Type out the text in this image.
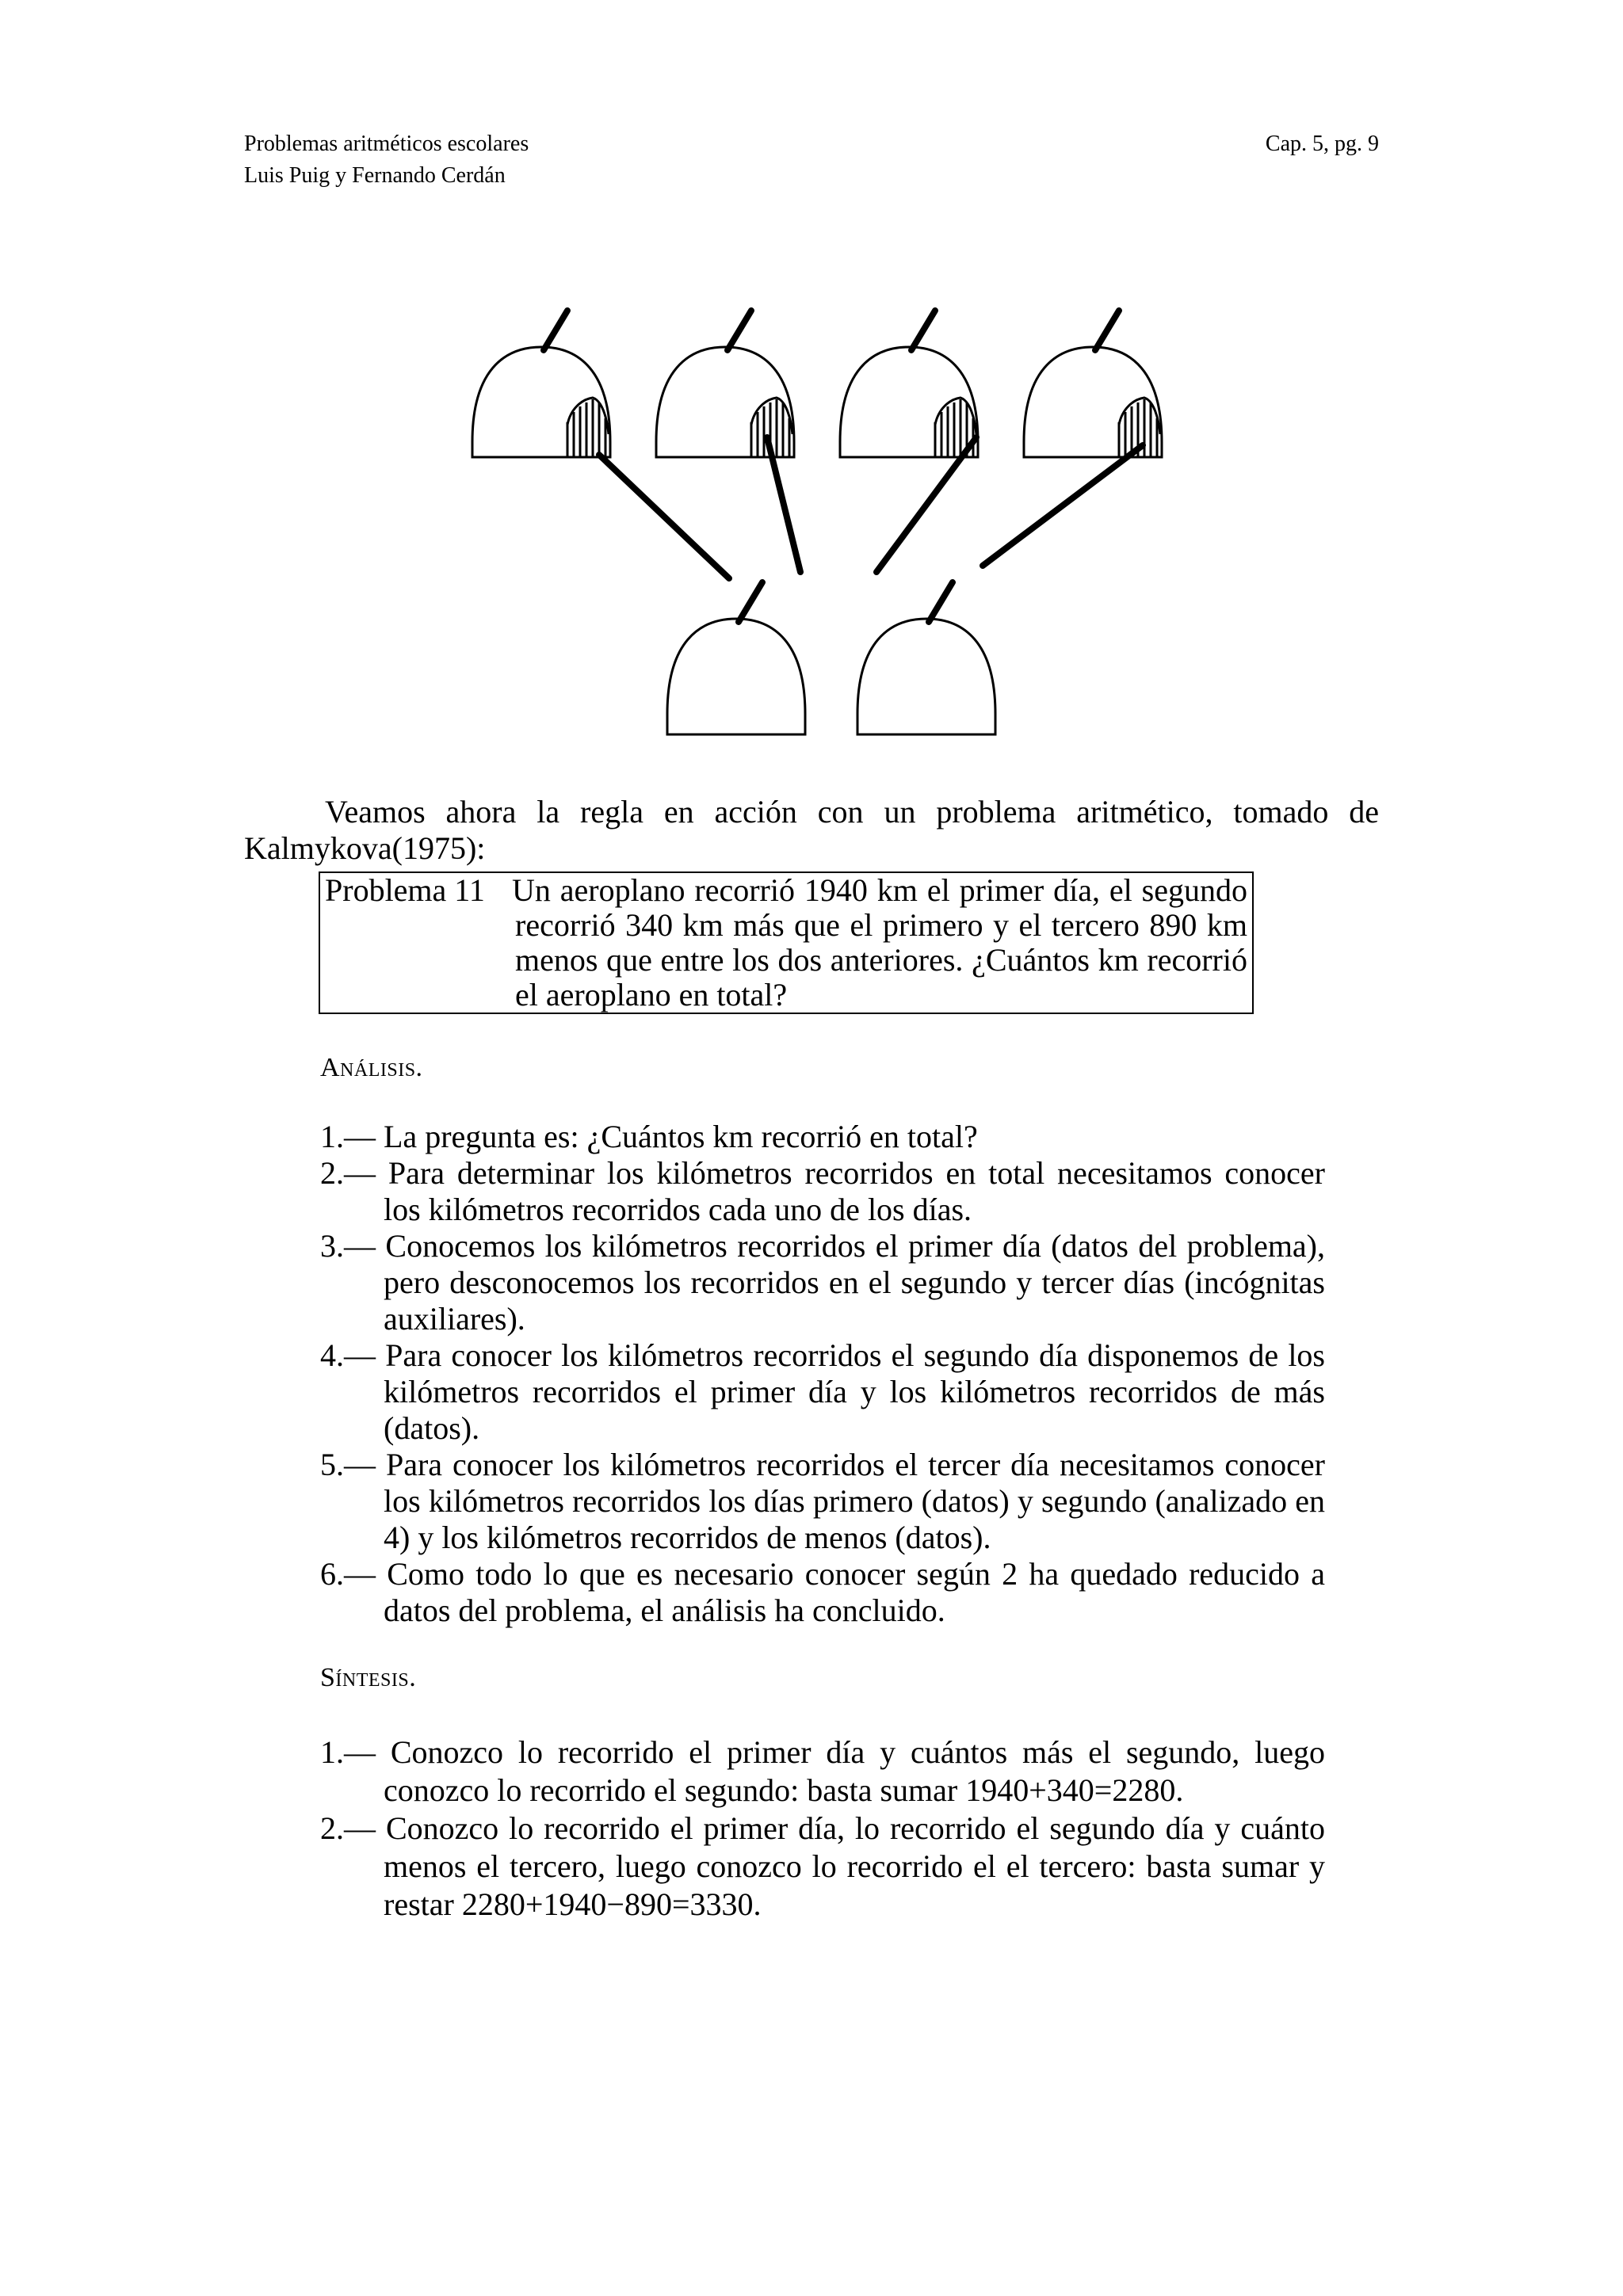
Problemas aritméticos escolares
Luis Puig y Fernando Cerdán
Cap. 5, pg. 9

Veamos ahora la regla en acción con un problema aritmético, tomado de Kalmykova(1975):

Problema 11 Un aeroplano recorrió 1940 km el primer día, el segundo recorrió 340 km más que el primero y el tercero 890 km menos que entre los dos anteriores. ¿Cuántos km recorrió el aeroplano en total?
Análisis.
1.— La pregunta es: ¿Cuántos km recorrió en total?
2.— Para determinar los kilómetros recorridos en total necesitamos conocer los kilómetros recorridos cada uno de los días.
3.— Conocemos los kilómetros recorridos el primer día (datos del problema), pero desconocemos los recorridos en el segundo y tercer días (incógnitas auxiliares).
4.— Para conocer los kilómetros recorridos el segundo día disponemos de los kilómetros recorridos el primer día y los kilómetros recorridos de más (datos).
5.— Para conocer los kilómetros recorridos el tercer día necesitamos conocer los kilómetros recorridos los días primero (datos) y segundo (analizado en 4) y los kilómetros recorridos de menos (datos).
6.— Como todo lo que es necesario conocer según 2 ha quedado reducido a datos del problema, el análisis ha concluido.
Síntesis.
1.— Conozco lo recorrido el primer día y cuántos más el segundo, luego conozco lo recorrido el segundo: basta sumar 1940+340=2280.
2.— Conozco lo recorrido el primer día, lo recorrido el segundo día y cuánto menos el tercero, luego conozco lo recorrido el el tercero: basta sumar y restar 2280+1940−890=3330.
